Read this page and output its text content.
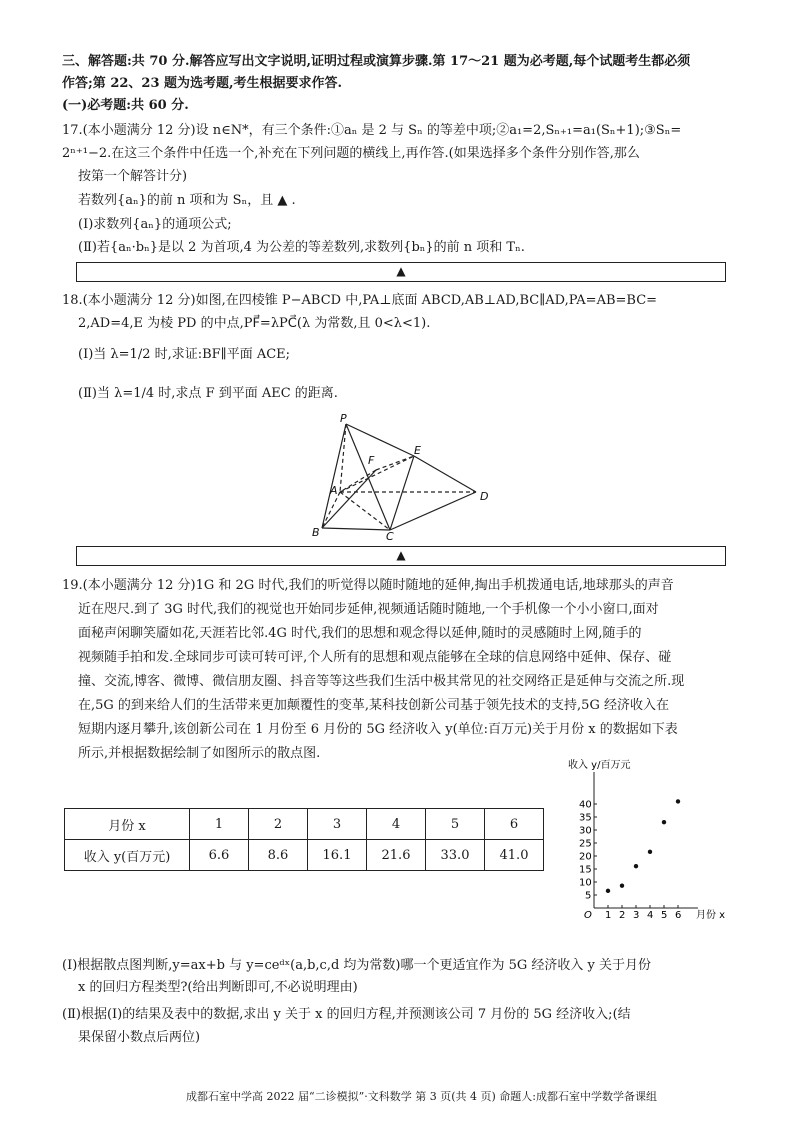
三、解答题:共 70 分.解答应写出文字说明,证明过程或演算步骤.第 17～21 题为必考题,每个试题考生都必须
作答;第 22、23 题为选考题,考生根据要求作答.
(一)必考题:共 60 分.
17.(本小题满分 12 分)设 n∈N*，有三个条件:①aₙ 是 2 与 Sₙ 的等差中项;②a₁=2,Sₙ₊₁=a₁(Sₙ+1);③Sₙ=
2ⁿ⁺¹−2.在这三个条件中任选一个,补充在下列问题的横线上,再作答.(如果选择多个条件分别作答,那么
按第一个解答计分)
若数列{aₙ}的前 n 项和为 Sₙ，且 ▲ .
(Ⅰ)求数列{aₙ}的通项公式;
(Ⅱ)若{aₙ·bₙ}是以 2 为首项,4 为公差的等差数列,求数列{bₙ}的前 n 项和 Tₙ.
▲
18.(本小题满分 12 分)如图,在四棱锥 P−ABCD 中,PA⊥底面 ABCD,AB⊥AD,BC∥AD,PA=AB=BC=
2,AD=4,E 为棱 PD 的中点,PF⃗=λPC⃗(λ 为常数,且 0<λ<1).
(Ⅰ)当 λ=1/2 时,求证:BF∥平面 ACE;
(Ⅱ)当 λ=1/4 时,求点 F 到平面 AEC 的距离.
P
E
F
A	D
B	C
▲
19.(本小题满分 12 分)1G 和 2G 时代,我们的听觉得以随时随地的延伸,掏出手机拨通电话,地球那头的声音
近在咫尺.到了 3G 时代,我们的视觉也开始同步延伸,视频通话随时随地,一个手机像一个小小窗口,面对
面秘声闲聊笑靥如花,天涯若比邻.4G 时代,我们的思想和观念得以延伸,随时的灵感随时上网,随手的
视频随手拍和发.全球同步可读可转可评,个人所有的思想和观点能够在全球的信息网络中延伸、保存、碰
撞、交流,博客、微博、微信朋友圈、抖音等等这些我们生活中极其常见的社交网络正是延伸与交流之所.现
在,5G 的到来给人们的生活带来更加颠覆性的变革,某科技创新公司基于领先技术的支持,5G 经济收入在
短期内逐月攀升,该创新公司在 1 月份至 6 月份的 5G 经济收入 y(单位:百万元)关于月份 x 的数据如下表
所示,并根据数据绘制了如图所示的散点图.
月份 x	1	2	3	4	5	6
收入 y(百万元)	6.6	8.6	16.1	21.6	33.0	41.0
收入 y/百万元
月份 x
O 1 2 3 4 5 6
5
10
15
20
25
30
35
40
(Ⅰ)根据散点图判断,y=ax+b 与 y=ceᵈˣ(a,b,c,d 均为常数)哪一个更适宜作为 5G 经济收入 y 关于月份
x 的回归方程类型?(给出判断即可,不必说明理由)
(Ⅱ)根据(Ⅰ)的结果及表中的数据,求出 y 关于 x 的回归方程,并预测该公司 7 月份的 5G 经济收入;(结
果保留小数点后两位)
成都石室中学高 2022 届“二诊模拟”·文科数学 第 3 页(共 4 页) 命题人:成都石室中学数学备课组
